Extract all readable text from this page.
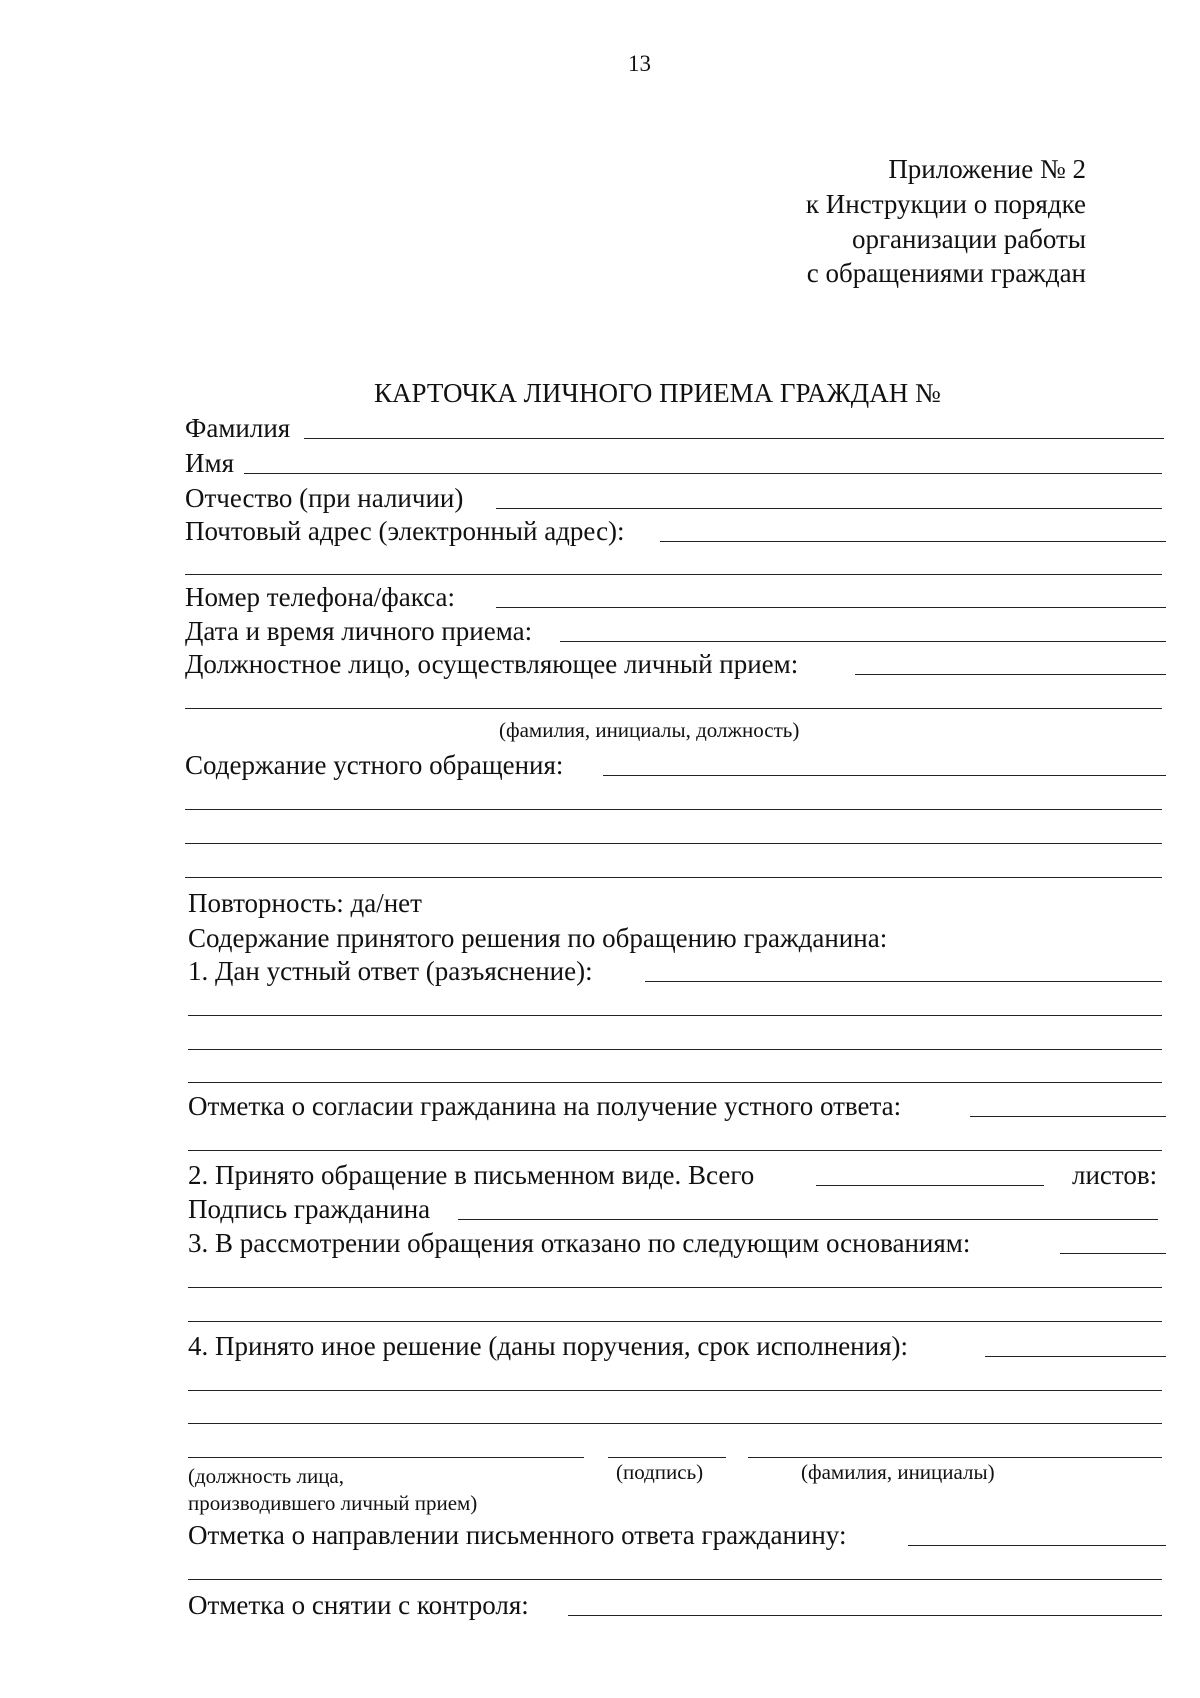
13
Приложение № 2
к Инструкции о порядке
организации работы
с обращениями граждан
КАРТОЧКА ЛИЧНОГО ПРИЕМА ГРАЖДАН №
Фамилия
Имя
Отчество (при наличии)
Почтовый адрес (электронный адрес):
Номер телефона/факса:
Дата и время личного приема:
Должностное лицо, осуществляющее личный прием:
(фамилия, инициалы, должность)
Содержание устного обращения:
Повторность: да/нет
Содержание принятого решения по обращению гражданина:
1. Дан устный ответ (разъяснение):
Отметка о согласии гражданина на получение устного ответа:
2. Принято обращение в письменном виде. Всего	листов:
Подпись гражданина
3. В рассмотрении обращения отказано по следующим основаниям:
4. Принято иное решение (даны поручения, срок исполнения):
(должность лица,
производившего личный прием)
(подпись)	(фамилия, инициалы)
Отметка о направлении письменного ответа гражданину:
Отметка о снятии с контроля:
